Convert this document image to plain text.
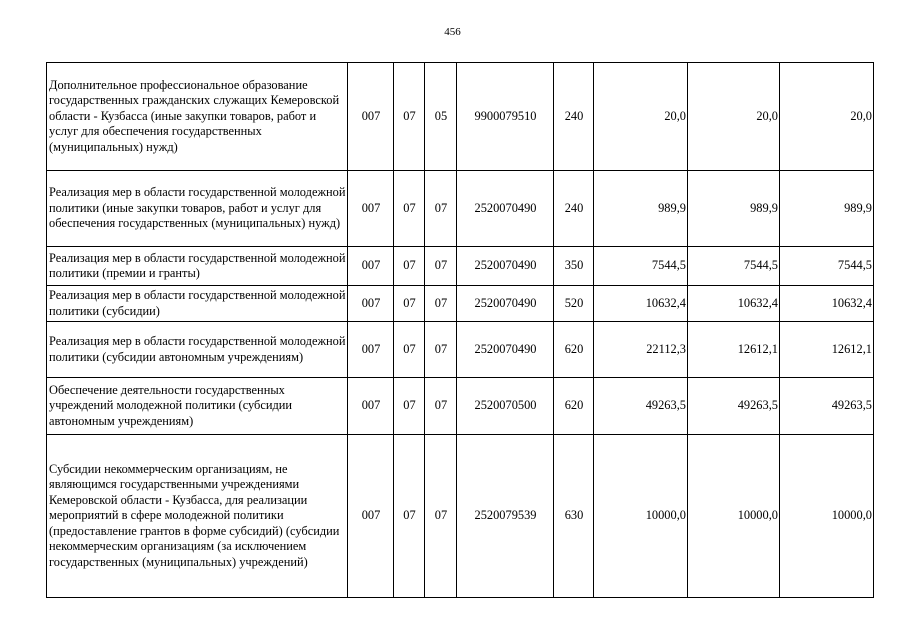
456
Дополнительное профессиональное образование государственных гражданских служащих Кемеровской области - Кузбасса (иные закупки товаров, работ и услуг для обеспечения государственных (муниципальных) нужд)	007	07	05	9900079510	240	20,0	20,0	20,0
Реализация мер в области государственной молодежной политики (иные закупки товаров, работ и услуг для обеспечения государственных (муниципальных) нужд)	007	07	07	2520070490	240	989,9	989,9	989,9
Реализация мер в области государственной молодежной политики (премии и гранты)	007	07	07	2520070490	350	7544,5	7544,5	7544,5
Реализация мер в области государственной молодежной политики (субсидии)	007	07	07	2520070490	520	10632,4	10632,4	10632,4
Реализация мер в области государственной молодежной политики (субсидии автономным учреждениям)	007	07	07	2520070490	620	22112,3	12612,1	12612,1
Обеспечение деятельности государственных учреждений молодежной политики (субсидии автономным учреждениям)	007	07	07	2520070500	620	49263,5	49263,5	49263,5
Субсидии некоммерческим организациям, не являющимся государственными учреждениями Кемеровской области - Кузбасса, для реализации мероприятий в сфере молодежной политики (предоставление грантов в форме субсидий) (субсидии некоммерческим организациям (за исключением государственных (муниципальных) учреждений)	007	07	07	2520079539	630	10000,0	10000,0	10000,0
